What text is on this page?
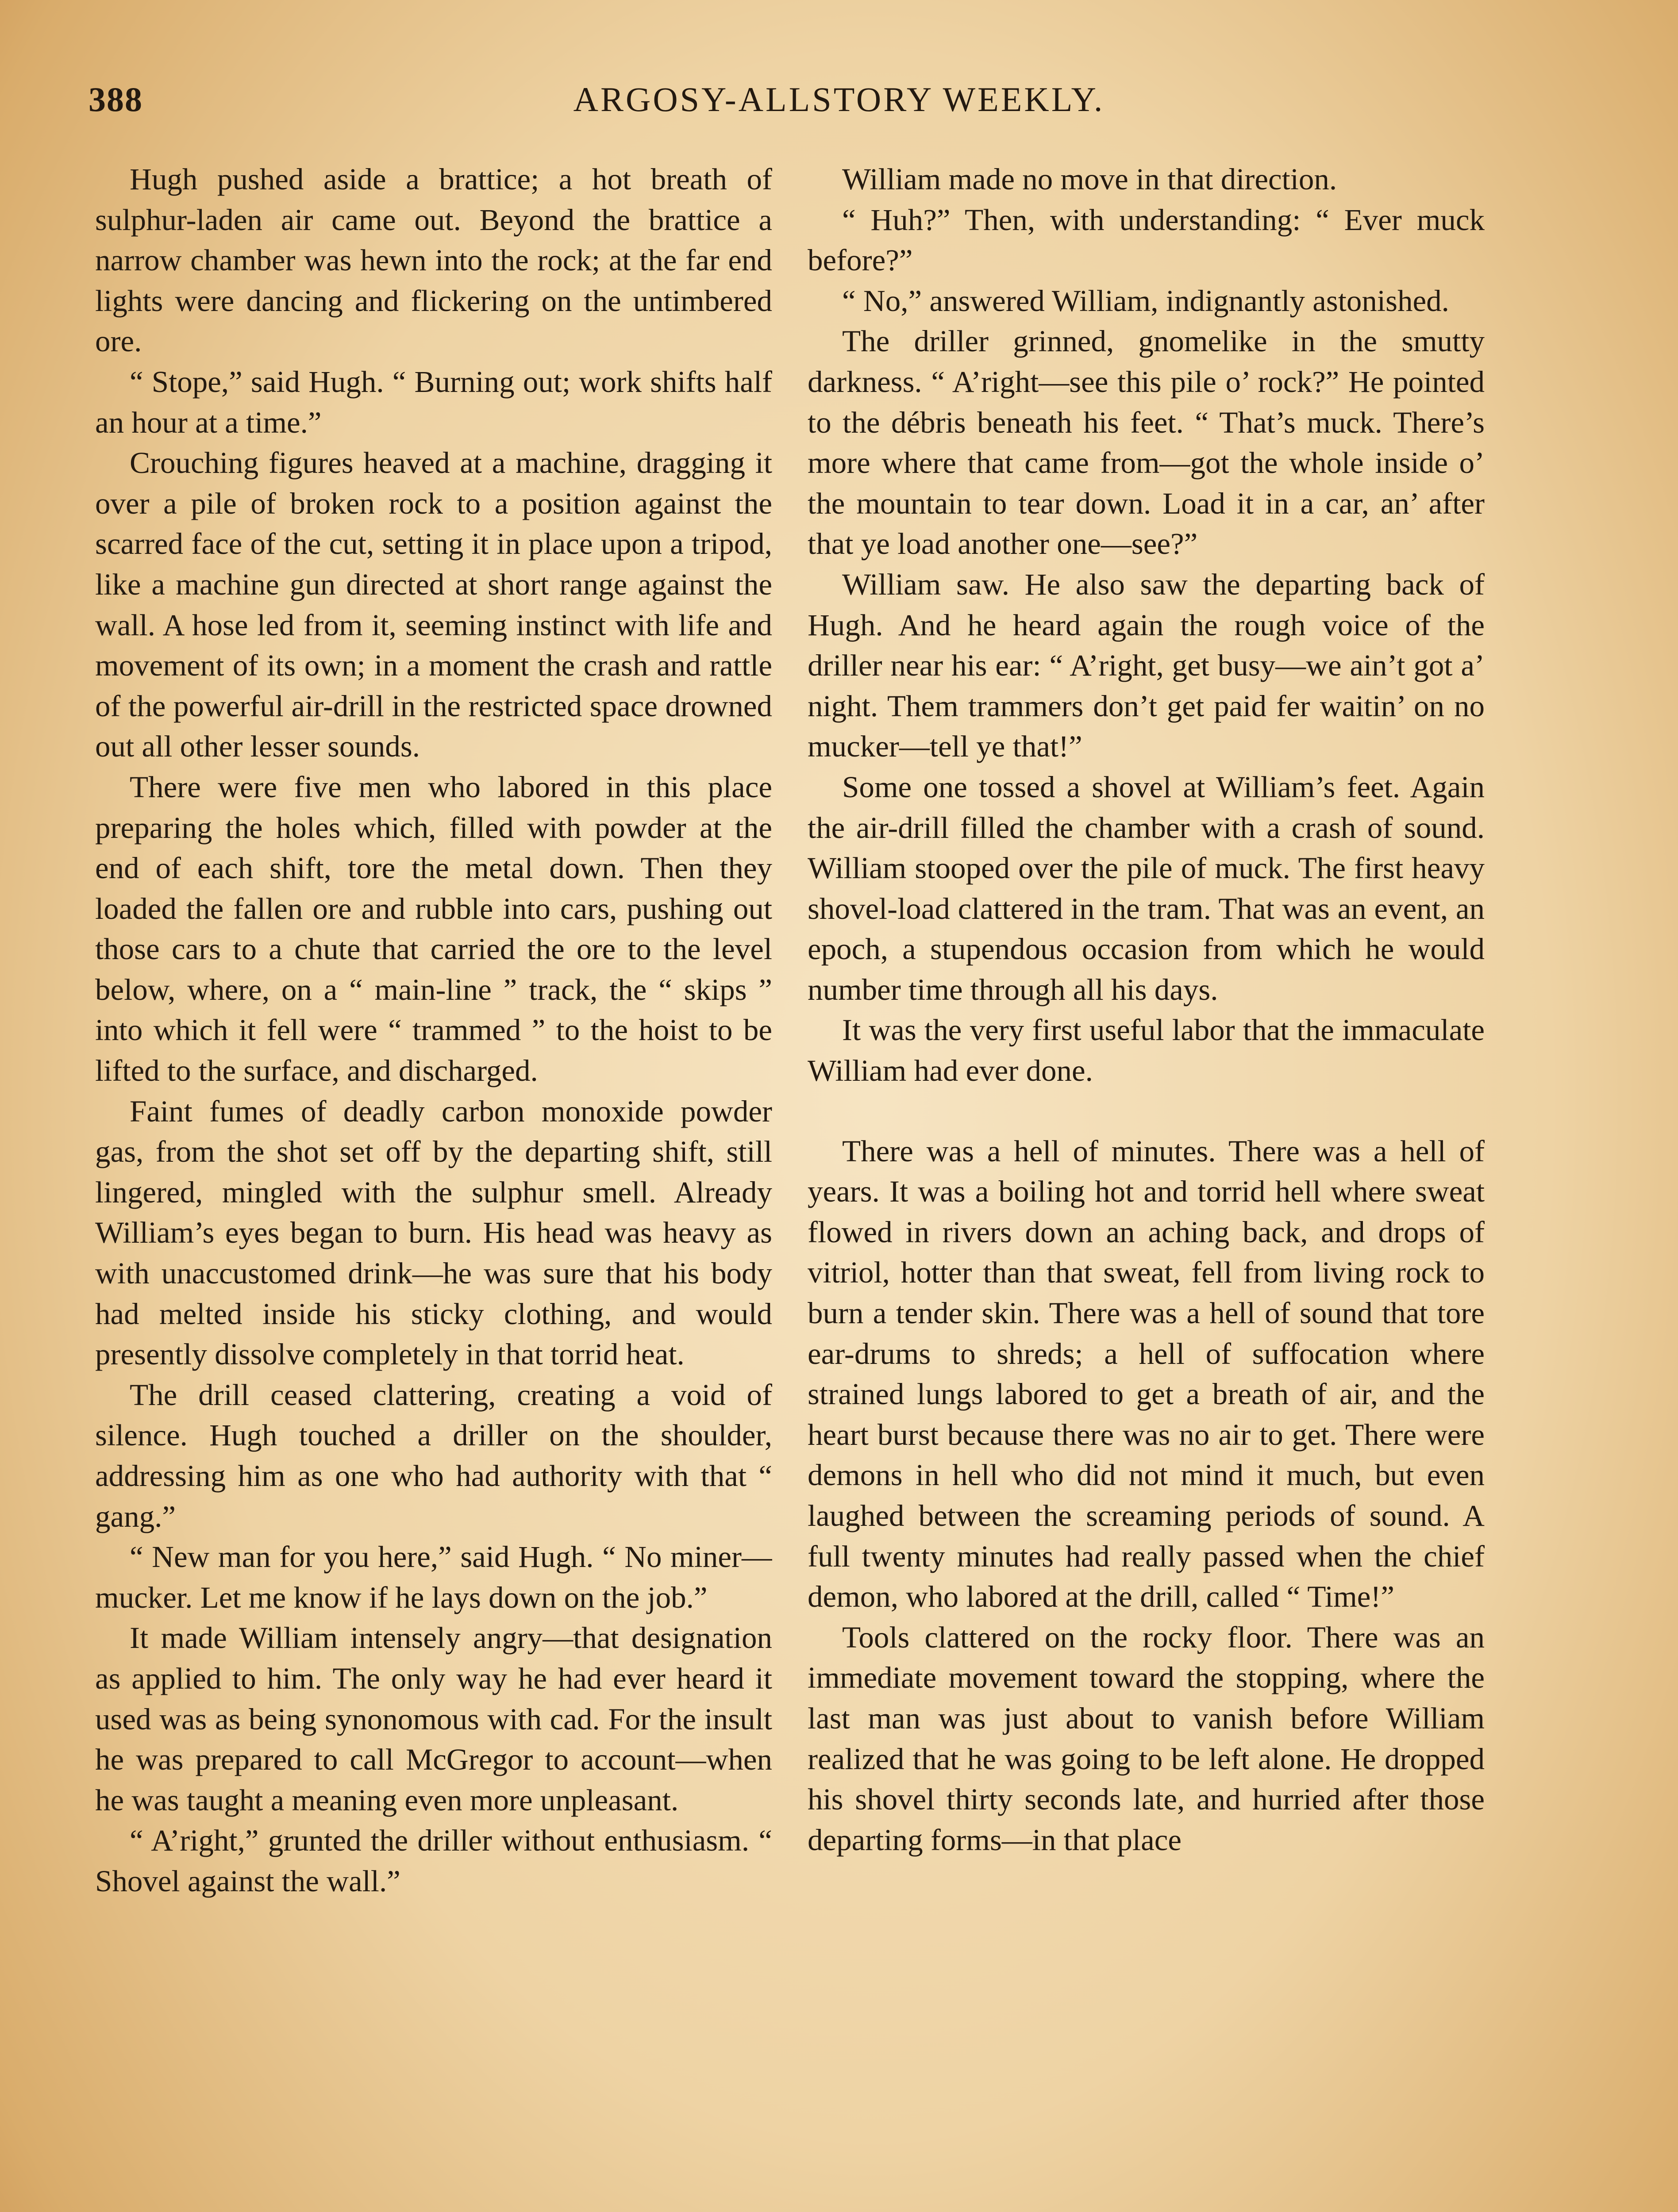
388	ARGOSY-ALLSTORY WEEKLY.

Hugh pushed aside a brattice; a hot breath of sulphur-laden air came out. Beyond the brattice a narrow chamber was hewn into the rock; at the far end lights were dancing and flickering on the untimbered ore.

“ Stope,” said Hugh. “ Burning out; work shifts half an hour at a time.”

Crouching figures heaved at a machine, dragging it over a pile of broken rock to a position against the scarred face of the cut, setting it in place upon a tripod, like a machine gun directed at short range against the wall. A hose led from it, seeming instinct with life and movement of its own; in a moment the crash and rattle of the powerful air-drill in the restricted space drowned out all other lesser sounds.

There were five men who labored in this place preparing the holes which, filled with powder at the end of each shift, tore the metal down. Then they loaded the fallen ore and rubble into cars, pushing out those cars to a chute that carried the ore to the level below, where, on a “ main-line ” track, the “ skips ” into which it fell were “ trammed ” to the hoist to be lifted to the surface, and discharged.

Faint fumes of deadly carbon monoxide powder gas, from the shot set off by the departing shift, still lingered, mingled with the sulphur smell. Already William’s eyes began to burn. His head was heavy as with unaccustomed drink—he was sure that his body had melted inside his sticky clothing, and would presently dissolve completely in that torrid heat.

The drill ceased clattering, creating a void of silence. Hugh touched a driller on the shoulder, addressing him as one who had authority with that “ gang.”

“ New man for you here,” said Hugh. “ No miner—mucker. Let me know if he lays down on the job.”

It made William intensely angry—that designation as applied to him. The only way he had ever heard it used was as being synonomous with cad. For the insult he was prepared to call McGregor to account—when he was taught a meaning even more unpleasant.

“ A’right,” grunted the driller without enthusiasm. “ Shovel against the wall.”

William made no move in that direction.

“ Huh?” Then, with understanding: “ Ever muck before?”

“ No,” answered William, indignantly astonished.

The driller grinned, gnomelike in the smutty darkness. “ A’right—see this pile o’ rock?” He pointed to the débris beneath his feet. “ That’s muck. There’s more where that came from—got the whole inside o’ the mountain to tear down. Load it in a car, an’ after that ye load another one—see?”

William saw. He also saw the departing back of Hugh. And he heard again the rough voice of the driller near his ear: “ A’right, get busy—we ain’t got a’ night. Them trammers don’t get paid fer waitin’ on no mucker—tell ye that!”

Some one tossed a shovel at William’s feet. Again the air-drill filled the chamber with a crash of sound. William stooped over the pile of muck. The first heavy shovel-load clattered in the tram. That was an event, an epoch, a stupendous occasion from which he would number time through all his days.

It was the very first useful labor that the immaculate William had ever done.

There was a hell of minutes. There was a hell of years. It was a boiling hot and torrid hell where sweat flowed in rivers down an aching back, and drops of vitriol, hotter than that sweat, fell from living rock to burn a tender skin. There was a hell of sound that tore ear-drums to shreds; a hell of suffocation where strained lungs labored to get a breath of air, and the heart burst because there was no air to get. There were demons in hell who did not mind it much, but even laughed between the screaming periods of sound. A full twenty minutes had really passed when the chief demon, who labored at the drill, called “ Time!”

Tools clattered on the rocky floor. There was an immediate movement toward the stopping, where the last man was just about to vanish before William realized that he was going to be left alone. He dropped his shovel thirty seconds late, and hurried after those departing forms—in that place
